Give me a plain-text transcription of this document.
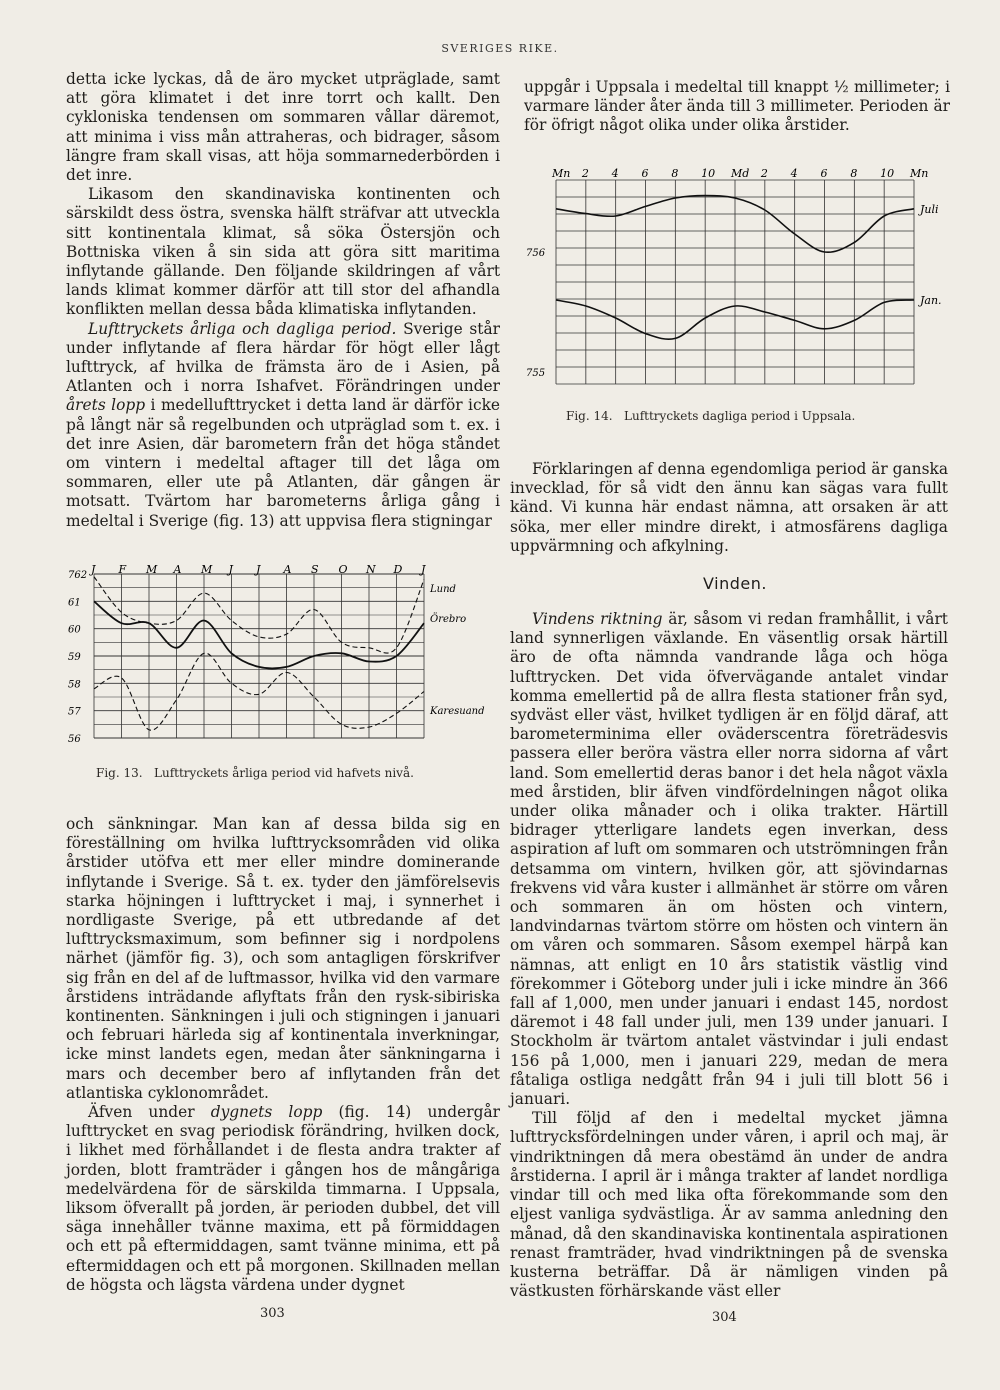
SVERIGES RIKE.

detta icke lyckas, då de äro mycket utpräglade, samt att göra klimatet i det inre torrt och kallt. Den cykloniska tendensen om sommaren vållar däremot, att minima i viss mån attraheras, och bidrager, såsom längre fram skall visas, att höja sommarnederbörden i det inre.

Likasom den skandinaviska kontinenten och särskildt dess östra, svenska hälft sträfvar att utveckla sitt kontinentala klimat, så söka Östersjön och Bottniska viken å sin sida att göra sitt maritima inflytande gällande. Den följande skildringen af vårt lands klimat kommer därför att till stor del afhandla konflikten mellan dessa båda klimatiska inflytanden.

Lufttryckets årliga och dagliga period. Sverige står under inflytande af flera härdar för högt eller lågt lufttryck, af hvilka de främsta äro de i Asien, på Atlanten och i norra Ishafvet. Förändringen under årets lopp i medellufttrycket i detta land är därför icke på långt när så regelbunden och utpräglad som t. ex. i det inre Asien, där barometern från det höga ståndet om vintern i medeltal aftager till det låga om sommaren, eller ute på Atlanten, där gången är motsatt. Tvärtom har barometerns årliga gång i medeltal i Sverige (fig. 13) att uppvisa flera stigningar

J F M A M J J A S O N D J
762
61
60
59
58
57
56
Lund
Örebro
Karesuand
Fig. 13. Lufttryckets årliga period vid hafvets nivå.

och sänkningar. Man kan af dessa bilda sig en föreställning om hvilka lufttrycksområden vid olika årstider utöfva ett mer eller mindre dominerande inflytande i Sverige. Så t. ex. tyder den jämförelsevis starka höjningen i lufttrycket i maj, i synnerhet i nordligaste Sverige, på ett utbredande af det lufttrycksmaximum, som befinner sig i nordpolens närhet (jämför fig. 3), och som antagligen förskrifver sig från en del af de luftmassor, hvilka vid den varmare årstidens inträdande aflyftats från den rysk-sibiriska kontinenten. Sänkningen i juli och stigningen i januari och februari härleda sig af kontinentala inverkningar, icke minst landets egen, medan åter sänkningarna i mars och december bero af inflytanden från det atlantiska cyklonområdet.

Äfven under dygnets lopp (fig. 14) undergår lufttrycket en svag periodisk förändring, hvilken dock, i likhet med förhållandet i de flesta andra trakter af jorden, blott framträder i gången hos de mångåriga medelvärdena för de särskilda timmarna. I Uppsala, liksom öfverallt på jorden, är perioden dubbel, det vill säga innehåller tvänne maxima, ett på förmiddagen och ett på eftermiddagen, samt tvänne minima, ett på eftermiddagen och ett på morgonen. Skillnaden mellan de högsta och lägsta värdena under dygnet

303

uppgår i Uppsala i medeltal till knappt ½ millimeter; i varmare länder åter ända till 3 millimeter. Perioden är för öfrigt något olika under olika årstider.

Mn 2 4 6 8 10 Md 2 4 6 8 10 Mn
756
755
Juli
Jan.
Fig. 14. Lufttryckets dagliga period i Uppsala.

Förklaringen af denna egendomliga period är ganska invecklad, för så vidt den ännu kan sägas vara fullt känd. Vi kunna här endast nämna, att orsaken är att söka, mer eller mindre direkt, i atmosfärens dagliga uppvärmning och afkylning.

Vinden.

Vindens riktning är, såsom vi redan framhållit, i vårt land synnerligen växlande. En väsentlig orsak härtill äro de ofta nämnda vandrande låga och höga lufttrycken. Det vida öfvervägande antalet vindar komma emellertid på de allra flesta stationer från syd, sydväst eller väst, hvilket tydligen är en följd däraf, att barometerminima eller oväderscentra företrädesvis passera eller beröra västra eller norra sidorna af vårt land. Som emellertid deras banor i det hela något växla med årstiden, blir äfven vindfördelningen något olika under olika månader och i olika trakter. Härtill bidrager ytterligare landets egen inverkan, dess aspiration af luft om sommaren och utströmningen från detsamma om vintern, hvilken gör, att sjövindarnas frekvens vid våra kuster i allmänhet är större om våren och sommaren än om hösten och vintern, landvindarnas tvärtom större om hösten och vintern än om våren och sommaren. Såsom exempel härpå kan nämnas, att enligt en 10 års statistik västlig vind förekommer i Göteborg under juli i icke mindre än 366 fall af 1,000, men under januari i endast 145, nordost däremot i 48 fall under juli, men 139 under januari. I Stockholm är tvärtom antalet västvindar i juli endast 156 på 1,000, men i januari 229, medan de mera fåtaliga ostliga nedgått från 94 i juli till blott 56 i januari.

Till följd af den i medeltal mycket jämna lufttrycksfördelningen under våren, i april och maj, är vindriktningen då mera obestämd än under de andra årstiderna. I april är i många trakter af landet nordliga vindar till och med lika ofta förekommande som den eljest vanliga sydvästliga. Är av samma anledning den månad, då den skandinaviska kontinentala aspirationen renast framträder, hvad vindriktningen på de svenska kusterna beträffar. Då är nämligen vinden på västkusten förhärskande väst eller

304
